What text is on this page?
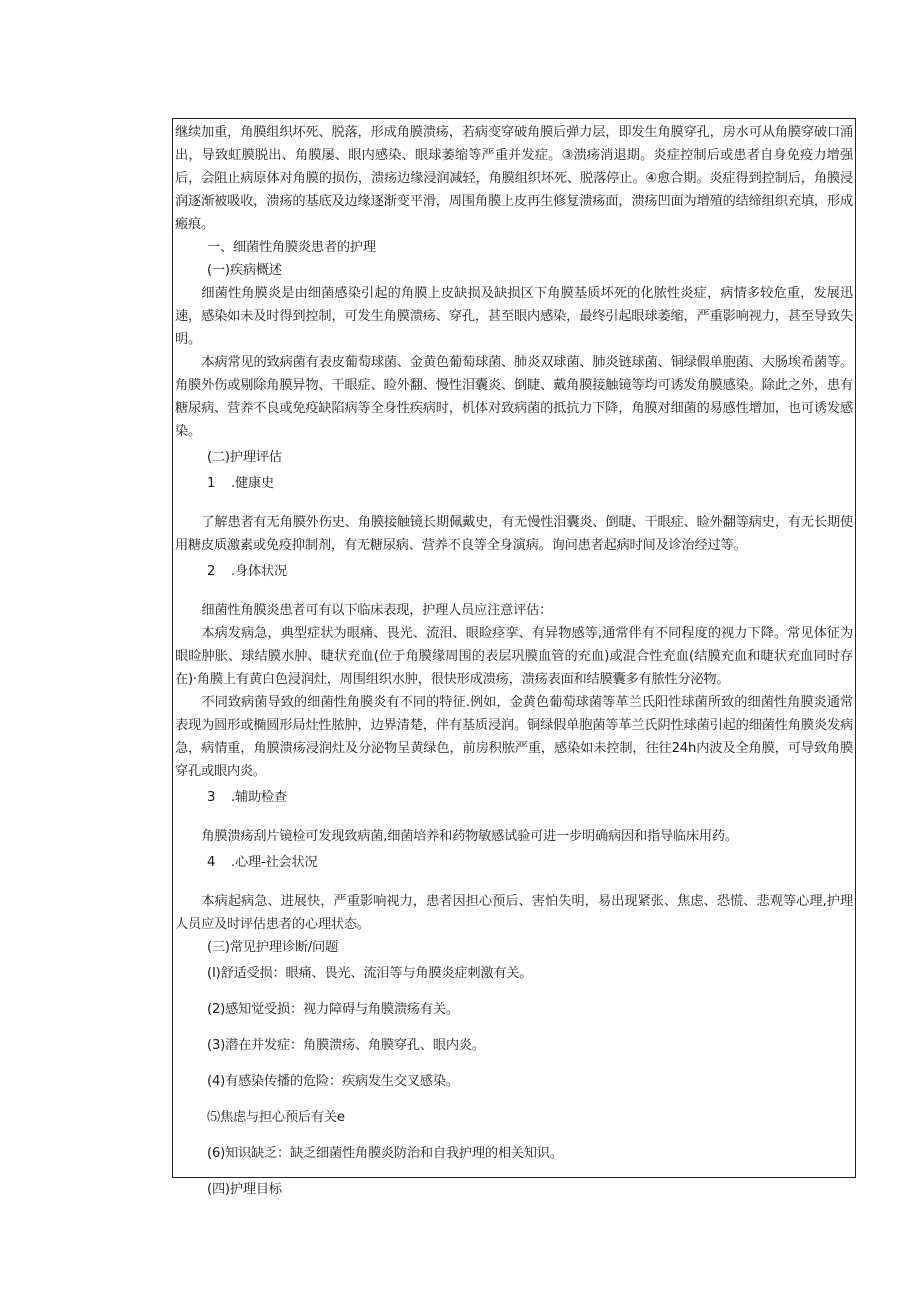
继续加重，角膜组织坏死、脱落，形成角膜溃疡，若病变穿破角膜后弹力层，即发生角膜穿孔，房水可从角膜穿破口涌出，导致虹膜脱出、角膜屡、眼内感染、眼球萎缩等严重并发症。③溃疡消退期。炎症控制后或患者自身免疫力增强后，会阻止病原体对角膜的损伤，溃疡边缘浸润减轻，角膜组织坏死、脱落停止。④愈合期。炎症得到控制后，角膜浸润逐渐被吸收，溃疡的基底及边缘逐渐变平滑，周围角膜上皮再生修复溃疡面，溃疡凹面为增殖的结缔组织充填，形成瘢痕。

一、细菌性角膜炎患者的护理

(一)疾病概述

细菌性角膜炎是由细菌感染引起的角膜上皮缺损及缺损区下角膜基质坏死的化脓性炎症，病情多较危重，发展迅速，感染如未及时得到控制，可发生角膜溃疡、穿孔，甚至眼内感染，最终引起眼球萎缩，严重影响视力，甚至导致失明。

本病常见的致病菌有表皮葡萄球菌、金黄色葡萄球菌、肺炎双球菌、肺炎链球菌、铜绿假单胞菌、大肠埃希菌等。角膜外伤或剔除角膜异物、干眼症、睑外翻、慢性泪囊炎、倒睫、戴角膜接触镜等均可诱发角膜感染。除此之外，患有糖尿病、营养不良或免疫缺陷病等全身性疾病时，机体对致病菌的抵抗力下降，角膜对细菌的易感性增加，也可诱发感染。

(二)护理评估

1 .健康史

了解患者有无角膜外伤史、角膜接触镜长期佩戴史，有无慢性泪囊炎、倒睫、干眼症、睑外翻等病史，有无长期使用糖皮质激素或免疫抑制剂，有无糖尿病、营养不良等全身演病。询问患者起病时间及诊治经过等。

2 .身体状况

细菌性角膜炎患者可有以下临床表现，护理人员应注意评估：

本病发病急，典型症状为眼痛、畏光、流泪、眼睑痉挛、有异物感等,通常伴有不同程度的视力下降。常见体征为眼睑肿胀、球结膜水肿、睫状充血(位于角膜缘周围的表层巩膜血管的充血)或混合性充血(结膜充血和睫状充血同时存在)·角膜上有黄白色浸润灶，周围组织水肿，很快形成溃疡，溃疡表面和结膜囊多有脓性分泌物。

不同致病菌导致的细菌性角膜炎有不同的特征.例如，金黄色葡萄球菌等革兰氏阳性球菌所致的细菌性角膜炎通常表现为圆形或椭圆形局灶性脓肿，边界清楚，伴有基质浸润。铜绿假单胞菌等革兰氏阴性球菌引起的细菌性角膜炎发病急，病情重，角膜溃疡浸润灶及分泌物呈黄绿色，前房积脓严重，感染如未控制，往往24h内波及全角膜，可导致角膜穿孔或眼内炎。

3 .辅助检查

角膜溃疡刮片镜检可发现致病菌,细菌培养和药物敏感试验可进一步明确病因和指导临床用药。

4 .心理-社会状况

本病起病急、进展快，严重影响视力，患者因担心预后、害怕失明，易出现紧张、焦虑、恐慌、悲观等心理,护理人员应及时评估患者的心理状态。

(三)常见护理诊断/问题

(I)舒适受损：眼痛、畏光、流泪等与角膜炎症刺激有关。

(2)感知觉受损：视力障碍与角膜溃疡有关。

(3)潜在并发症：角膜溃疡、角膜穿孔、眼内炎。

(4)有感染传播的危险：疾病发生交叉感染。

⑸焦虑与担心预后有关e

(6)知识缺乏：缺乏细菌性角膜炎防治和自我护理的相关知识。

(四)护理目标
